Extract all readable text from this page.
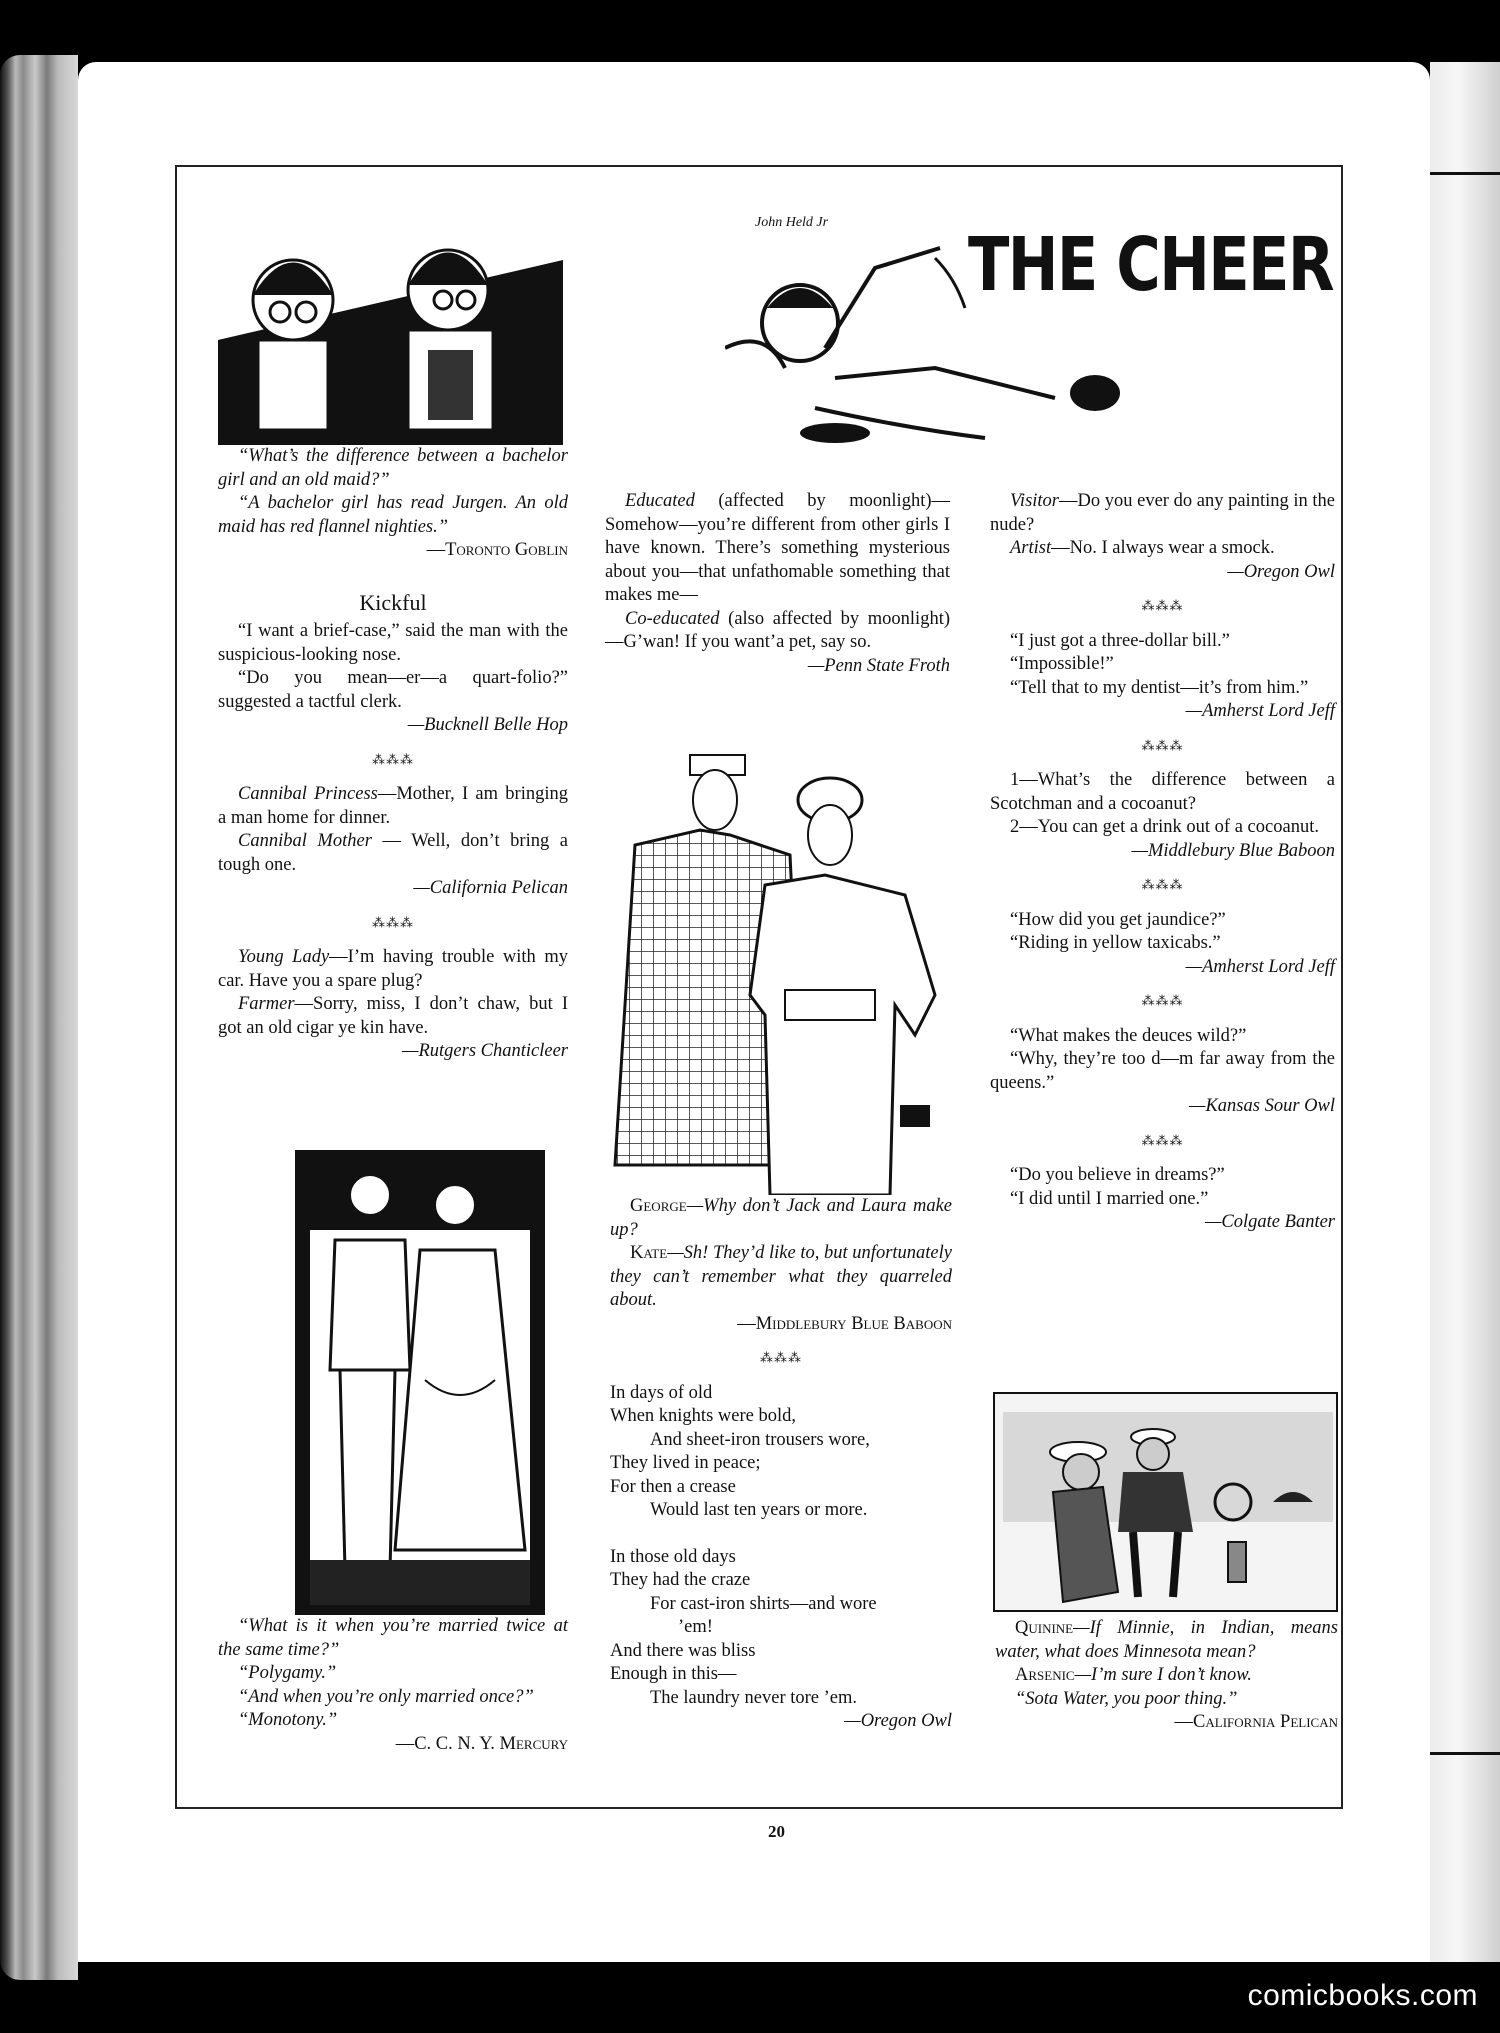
John Held Jr THE CHEER

“What’s the difference between a bachelor girl and an old maid?”

“A bachelor girl has read Jurgen. An old maid has red flannel nighties.”

—Toronto Goblin

Kickful

“I want a brief-case,” said the man with the suspicious-looking nose.

“Do you mean—er—a quart-folio?” suggested a tactful clerk.

—Bucknell Belle Hop

⁂⁂⁂

Cannibal Princess—Mother, I am bringing a man home for dinner.

Cannibal Mother — Well, don’t bring a tough one.

—California Pelican

⁂⁂⁂

Young Lady—I’m having trouble with my car. Have you a spare plug?

Farmer—Sorry, miss, I don’t chaw, but I got an old cigar ye kin have.

—Rutgers Chanticleer

“What is it when you’re married twice at the same time?”

“Polygamy.”

“And when you’re only married once?”

“Monotony.”

—C. C. N. Y. Mercury

Educated (affected by moonlight)—Somehow—you’re different from other girls I have known. There’s something mysterious about you—that unfathomable something that makes me—

Co-educated (also affected by moonlight)—G’wan! If you want’a pet, say so.

—Penn State Froth

George—Why don’t Jack and Laura make up?

Kate—Sh! They’d like to, but unfortunately they can’t remember what they quarreled about.

—Middlebury Blue Baboon

⁂⁂⁂

In days of old

When knights were bold,

And sheet-iron trousers wore,

They lived in peace;

For then a crease

Would last ten years or more.

In those old days

They had the craze

For cast-iron shirts—and wore

’em!

And there was bliss

Enough in this—

The laundry never tore ’em.

—Oregon Owl

Visitor—Do you ever do any painting in the nude?

Artist—No. I always wear a smock.

—Oregon Owl

⁂⁂⁂

“I just got a three-dollar bill.”

“Impossible!”

“Tell that to my dentist—it’s from him.”

—Amherst Lord Jeff

⁂⁂⁂

1—What’s the difference between a Scotchman and a cocoanut?

2—You can get a drink out of a cocoanut.

—Middlebury Blue Baboon

⁂⁂⁂

“How did you get jaundice?”

“Riding in yellow taxicabs.”

—Amherst Lord Jeff

⁂⁂⁂

“What makes the deuces wild?”

“Why, they’re too d—m far away from the queens.”

—Kansas Sour Owl

⁂⁂⁂

“Do you believe in dreams?”

“I did until I married one.”

—Colgate Banter

Quinine—If Minnie, in Indian, means water, what does Minnesota mean?

Arsenic—I’m sure I don’t know.

“Sota Water, you poor thing.”

—California Pelican

20
comicbooks.com
